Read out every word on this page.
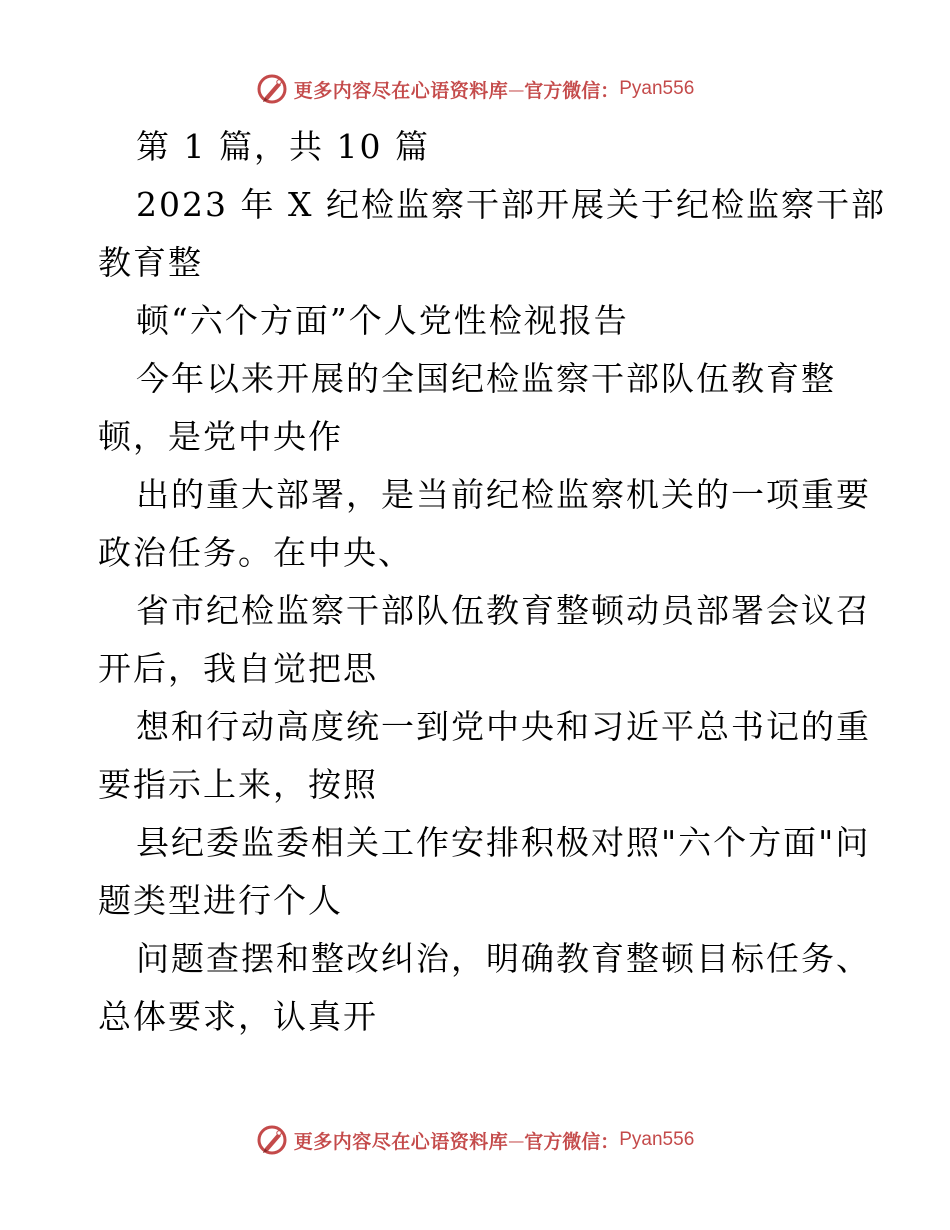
更多内容尽在心语资料库 — 官方微信： Pyan556
第 1 篇，共 10 篇
2023 年 X 纪检监察干部开展关于纪检监察干部
教育整
顿“六个方面”个人党性检视报告
今年以来开展的全国纪检监察干部队伍教育整
顿，是党中央作
出的重大部署，是当前纪检监察机关的一项重要
政治任务。在中央、
省市纪检监察干部队伍教育整顿动员部署会议召
开后，我自觉把思
想和行动高度统一到党中央和习近平总书记的重
要指示上来，按照
县纪委监委相关工作安排积极对照"六个方面"问
题类型进行个人
问题查摆和整改纠治，明确教育整顿目标任务、
总体要求，认真开
更多内容尽在心语资料库 — 官方微信： Pyan556
